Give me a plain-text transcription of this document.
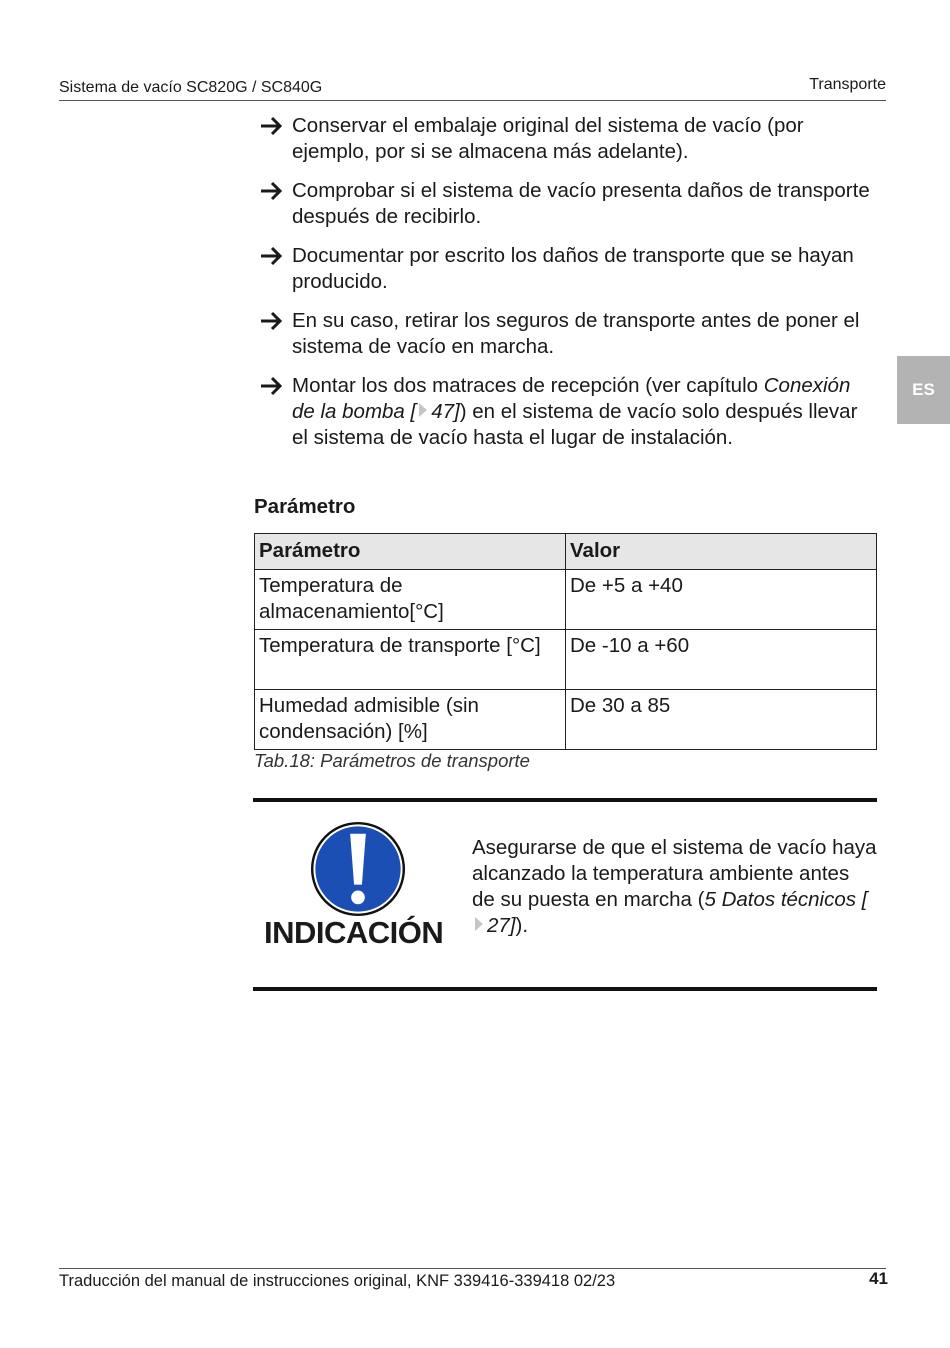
Sistema de vacío SC820G / SC840G	Transporte
ES
Conservar el embalaje original del sistema de vacío (por ejemplo, por si se almacena más adelante).
Comprobar si el sistema de vacío presenta daños de transporte después de recibirlo.
Documentar por escrito los daños de transporte que se hayan producido.
En su caso, retirar los seguros de transporte antes de poner el sistema de vacío en marcha.
Montar los dos matraces de recepción (ver capítulo Conexión de la bomba [ 47]) en el sistema de vacío solo después llevar el sistema de vacío hasta el lugar de instalación.
Parámetro
Parámetro	Valor
Temperatura de almacenamiento[°C]	De +5 a +40
Temperatura de transporte [°C]	De -10 a +60
Humedad admisible (sin condensación) [%]	De 30 a 85
Tab.18: Parámetros de transporte
INDICACIÓN
Asegurarse de que el sistema de vacío haya alcanzado la temperatura ambiente antes de su puesta en marcha (5 Datos técnicos [27]).
Traducción del manual de instrucciones original, KNF 339416-339418 02/23	41
